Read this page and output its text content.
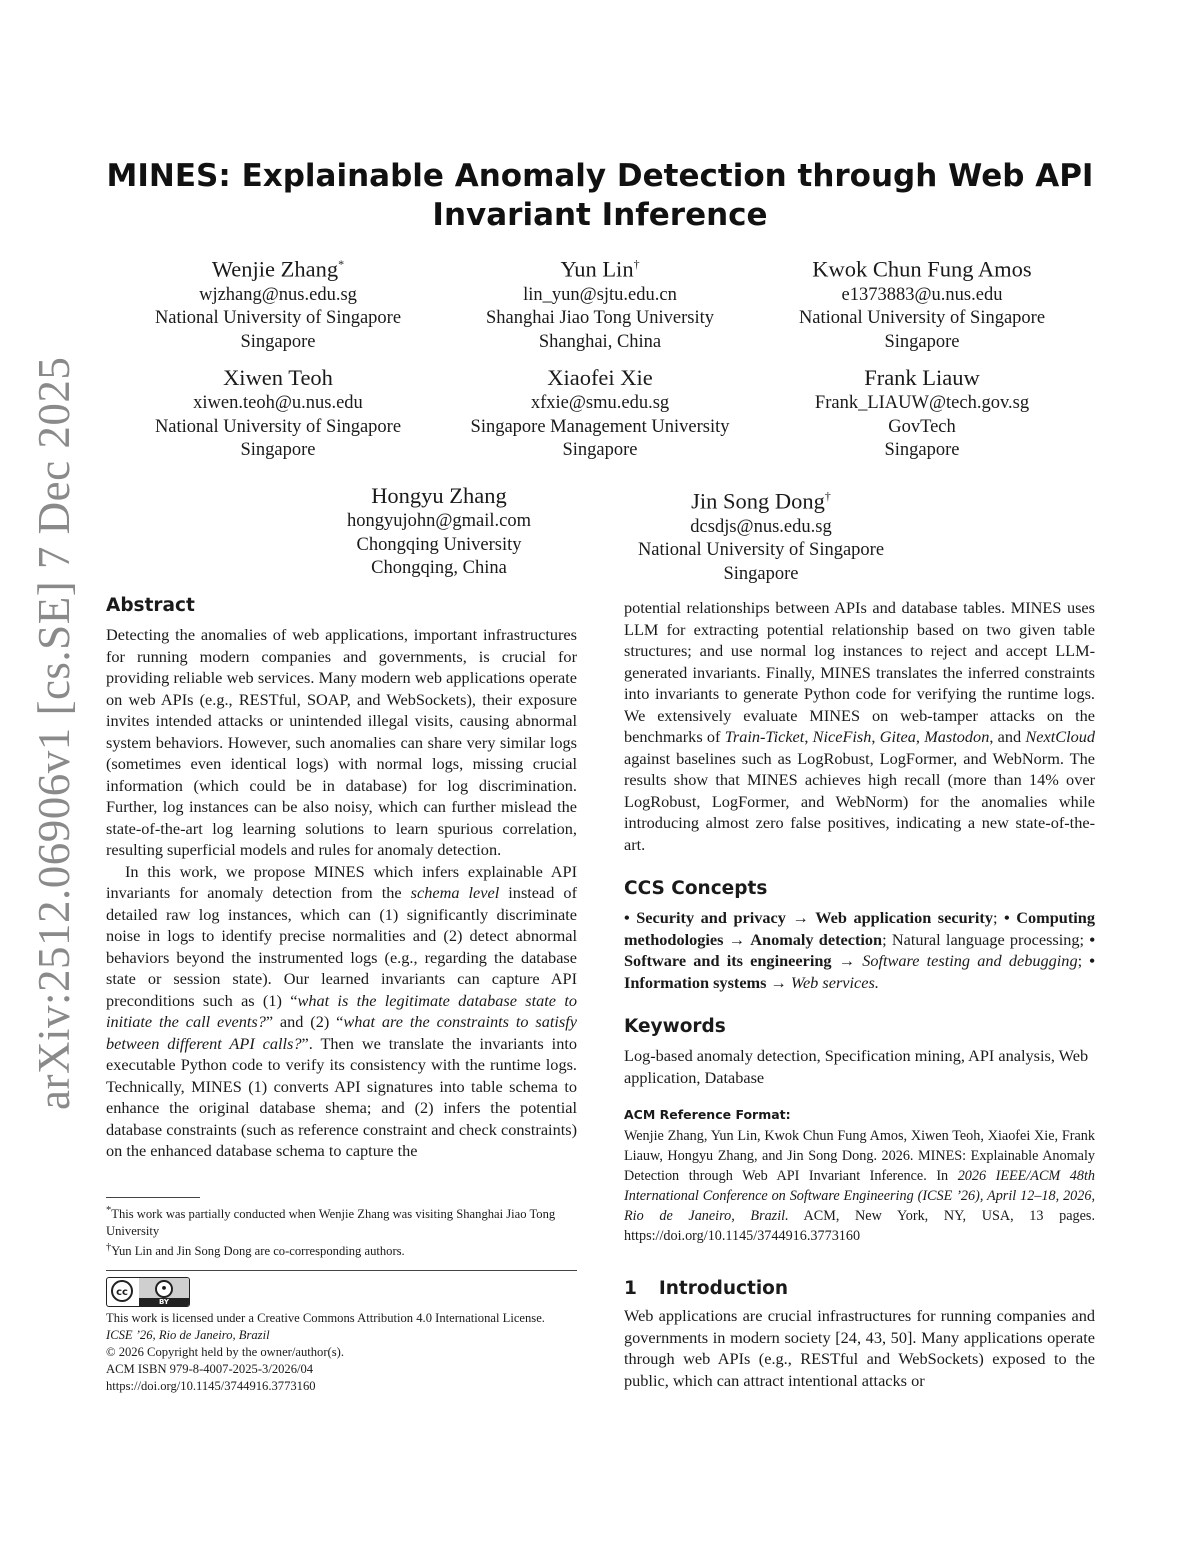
arXiv:2512.06906v1 [cs.SE] 7 Dec 2025
MINES: Explainable Anomaly Detection through Web API Invariant Inference
Wenjie Zhang*
wjzhang@nus.edu.sg
National University of Singapore
Singapore
Yun Lin†
lin_yun@sjtu.edu.cn
Shanghai Jiao Tong University
Shanghai, China
Kwok Chun Fung Amos
e1373883@u.nus.edu
National University of Singapore
Singapore
Xiwen Teoh
xiwen.teoh@u.nus.edu
National University of Singapore
Singapore
Xiaofei Xie
xfxie@smu.edu.sg
Singapore Management University
Singapore
Frank Liauw
Frank_LIAUW@tech.gov.sg
GovTech
Singapore
Hongyu Zhang
hongyujohn@gmail.com
Chongqing University
Chongqing, China
Jin Song Dong†
dcsdjs@nus.edu.sg
National University of Singapore
Singapore
Abstract

Detecting the anomalies of web applications, important infrastructures for running modern companies and governments, is crucial for providing reliable web services. Many modern web applications operate on web APIs (e.g., RESTful, SOAP, and WebSockets), their exposure invites intended attacks or unintended illegal visits, causing abnormal system behaviors. However, such anomalies can share very similar logs (sometimes even identical logs) with normal logs, missing crucial information (which could be in database) for log discrimination. Further, log instances can be also noisy, which can further mislead the state-of-the-art log learning solutions to learn spurious correlation, resulting superficial models and rules for anomaly detection.

In this work, we propose MINES which infers explainable API invariants for anomaly detection from the schema level instead of detailed raw log instances, which can (1) significantly discriminate noise in logs to identify precise normalities and (2) detect abnormal behaviors beyond the instrumented logs (e.g., regarding the database state or session state). Our learned invariants can capture API preconditions such as (1) “what is the legitimate database state to initiate the call events?” and (2) “what are the constraints to satisfy between different API calls?”. Then we translate the invariants into executable Python code to verify its consistency with the runtime logs. Technically, MINES (1) converts API signatures into table schema to enhance the original database shema; and (2) infers the potential database constraints (such as reference constraint and check constraints) on the enhanced database schema to capture the

*This work was partially conducted when Wenjie Zhang was visiting Shanghai Jiao Tong University
†Yun Lin and Jin Song Dong are co-corresponding authors.
cc	•
BY
This work is licensed under a Creative Commons Attribution 4.0 International License.
ICSE ’26, Rio de Janeiro, Brazil
© 2026 Copyright held by the owner/author(s).
ACM ISBN 979-8-4007-2025-3/2026/04
https://doi.org/10.1145/3744916.3773160

potential relationships between APIs and database tables. MINES uses LLM for extracting potential relationship based on two given table structures; and use normal log instances to reject and accept LLM-generated invariants. Finally, MINES translates the inferred constraints into invariants to generate Python code for verifying the runtime logs. We extensively evaluate MINES on web-tamper attacks on the benchmarks of Train-Ticket, NiceFish, Gitea, Mastodon, and NextCloud against baselines such as LogRobust, LogFormer, and WebNorm. The results show that MINES achieves high recall (more than 14% over LogRobust, LogFormer, and WebNorm) for the anomalies while introducing almost zero false positives, indicating a new state-of-the-art.

CCS Concepts

• Security and privacy → Web application security; • Computing methodologies → Anomaly detection; Natural language processing; • Software and its engineering → Software testing and debugging; • Information systems → Web services.

Keywords

Log-based anomaly detection, Specification mining, API analysis, Web application, Database

ACM Reference Format:

Wenjie Zhang, Yun Lin, Kwok Chun Fung Amos, Xiwen Teoh, Xiaofei Xie, Frank Liauw, Hongyu Zhang, and Jin Song Dong. 2026. MINES: Explainable Anomaly Detection through Web API Invariant Inference. In 2026 IEEE/ACM 48th International Conference on Software Engineering (ICSE ’26), April 12–18, 2026, Rio de Janeiro, Brazil. ACM, New York, NY, USA, 13 pages. https://doi.org/10.1145/3744916.3773160

1 Introduction

Web applications are crucial infrastructures for running companies and governments in modern society [24, 43, 50]. Many applications operate through web APIs (e.g., RESTful and WebSockets) exposed to the public, which can attract intentional attacks or
